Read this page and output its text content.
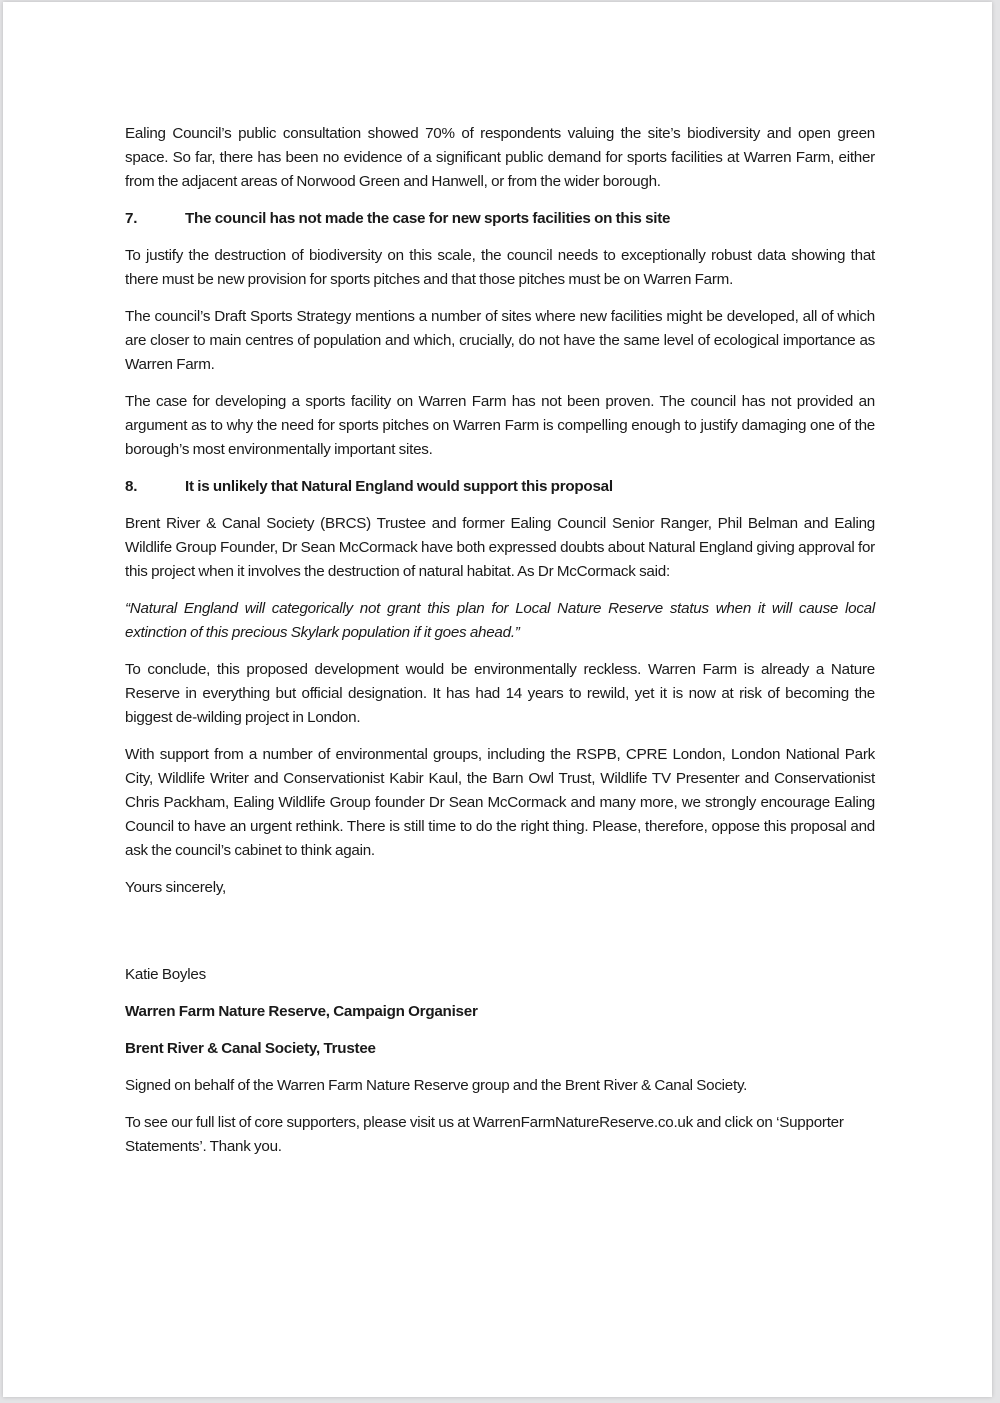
Ealing Council’s public consultation showed 70% of respondents valuing the site’s biodiversity and open green space. So far, there has been no evidence of a significant public demand for sports facilities at Warren Farm, either from the adjacent areas of Norwood Green and Hanwell, or from the wider borough.

7.	The council has not made the case for new sports facilities on this site

To justify the destruction of biodiversity on this scale, the council needs to exceptionally robust data showing that there must be new provision for sports pitches and that those pitches must be on Warren Farm.

The council’s Draft Sports Strategy mentions a number of sites where new facilities might be developed, all of which are closer to main centres of population and which, crucially, do not have the same level of ecological importance as Warren Farm.

The case for developing a sports facility on Warren Farm has not been proven. The council has not provided an argument as to why the need for sports pitches on Warren Farm is compelling enough to justify damaging one of the borough’s most environmentally important sites.

8.	It is unlikely that Natural England would support this proposal

Brent River & Canal Society (BRCS) Trustee and former Ealing Council Senior Ranger, Phil Belman and Ealing Wildlife Group Founder, Dr Sean McCormack have both expressed doubts about Natural England giving approval for this project when it involves the destruction of natural habitat. As Dr McCormack said:

“Natural England will categorically not grant this plan for Local Nature Reserve status when it will cause local extinction of this precious Skylark population if it goes ahead.”

To conclude, this proposed development would be environmentally reckless. Warren Farm is already a Nature Reserve in everything but official designation. It has had 14 years to rewild, yet it is now at risk of becoming the biggest de-wilding project in London.

With support from a number of environmental groups, including the RSPB, CPRE London, London National Park City, Wildlife Writer and Conservationist Kabir Kaul, the Barn Owl Trust, Wildlife TV Presenter and Conservationist Chris Packham, Ealing Wildlife Group founder Dr Sean McCormack and many more, we strongly encourage Ealing Council to have an urgent rethink. There is still time to do the right thing. Please, therefore, oppose this proposal and ask the council’s cabinet to think again.

Yours sincerely,

Katie Boyles

Warren Farm Nature Reserve, Campaign Organiser

Brent River & Canal Society, Trustee

Signed on behalf of the Warren Farm Nature Reserve group and the Brent River & Canal Society.

To see our full list of core supporters, please visit us at WarrenFarmNatureReserve.co.uk and click on ‘Supporter Statements’. Thank you.
